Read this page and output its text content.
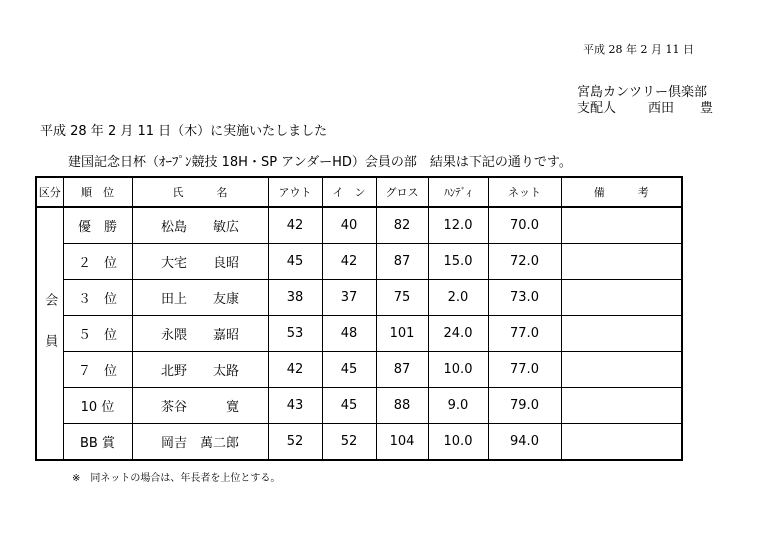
平成 28 年 2 月 11 日
宮島カンツリー倶楽部
支配人 西田 豊
平成 28 年 2 月 11 日（木）に実施いたしました
建国記念日杯（ｵｰﾌﾟﾝ競技 18H・SP アンダーHD）会員の部　結果は下記の通りです。
区分	順　位	氏　　　名	アウト	イ　ン	グロス	ﾊﾝﾃﾞｨ	ネット	備　　　考
会員	優　勝	松島　　敏広	42	40	82	12.0	70.0	
	２　位	大宅　　良昭	45	42	87	15.0	72.0	
	３　位	田上　　友康	38	37	75	2.0	73.0	
	５　位	永隈　　嘉昭	53	48	101	24.0	77.0	
	７　位	北野　　太路	42	45	87	10.0	77.0	
	10 位	茶谷　　　寛	43	45	88	9.0	79.0	
	BB 賞	岡吉　萬二郎	52	52	104	10.0	94.0	
※　同ネットの場合は、年長者を上位とする。
